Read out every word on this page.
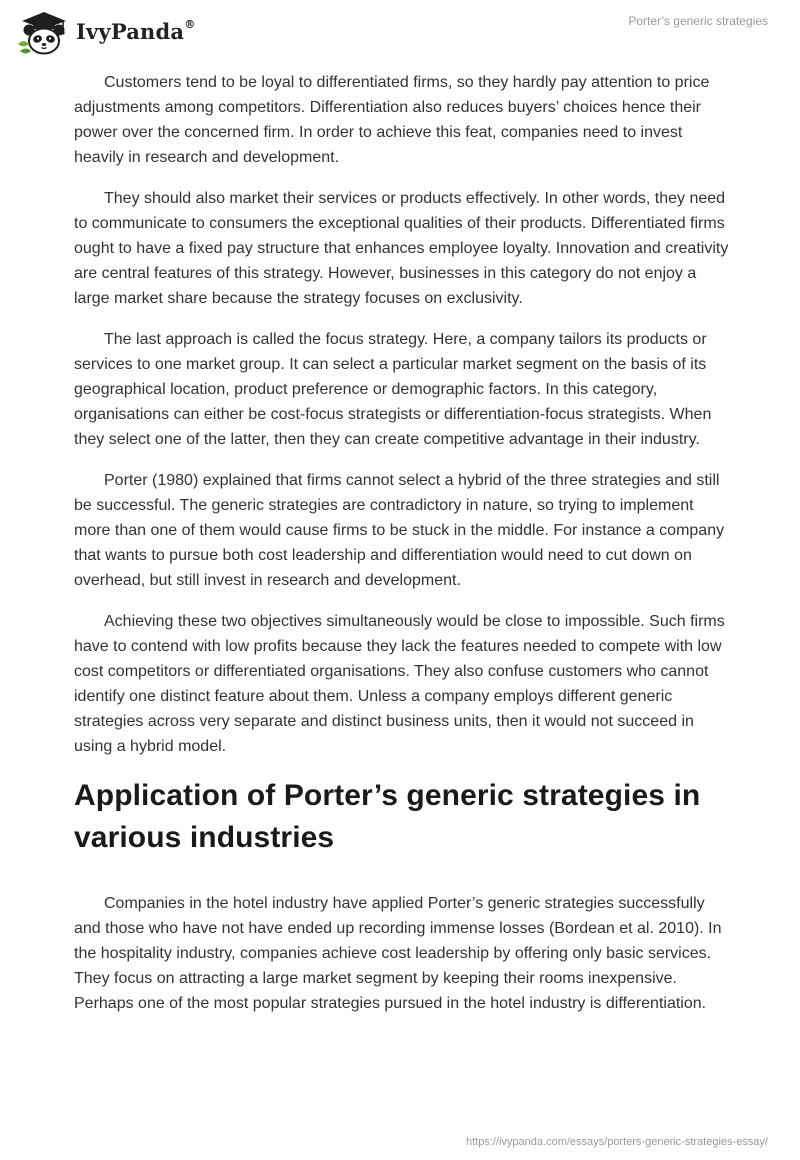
IvyPanda®	Porter’s generic strategies

Customers tend to be loyal to differentiated firms, so they hardly pay attention to price adjustments among competitors. Differentiation also reduces buyers’ choices hence their power over the concerned firm. In order to achieve this feat, companies need to invest heavily in research and development.

They should also market their services or products effectively. In other words, they need to communicate to consumers the exceptional qualities of their products. Differentiated firms ought to have a fixed pay structure that enhances employee loyalty. Innovation and creativity are central features of this strategy. However, businesses in this category do not enjoy a large market share because the strategy focuses on exclusivity.

The last approach is called the focus strategy. Here, a company tailors its products or services to one market group. It can select a particular market segment on the basis of its geographical location, product preference or demographic factors. In this category, organisations can either be cost-focus strategists or differentiation-focus strategists. When they select one of the latter, then they can create competitive advantage in their industry.

Porter (1980) explained that firms cannot select a hybrid of the three strategies and still be successful. The generic strategies are contradictory in nature, so trying to implement more than one of them would cause firms to be stuck in the middle. For instance a company that wants to pursue both cost leadership and differentiation would need to cut down on overhead, but still invest in research and development.

Achieving these two objectives simultaneously would be close to impossible. Such firms have to contend with low profits because they lack the features needed to compete with low cost competitors or differentiated organisations. They also confuse customers who cannot identify one distinct feature about them. Unless a company employs different generic strategies across very separate and distinct business units, then it would not succeed in using a hybrid model.

Application of Porter’s generic strategies in various industries

Companies in the hotel industry have applied Porter’s generic strategies successfully and those who have not have ended up recording immense losses (Bordean et al. 2010). In the hospitality industry, companies achieve cost leadership by offering only basic services. They focus on attracting a large market segment by keeping their rooms inexpensive. Perhaps one of the most popular strategies pursued in the hotel industry is differentiation.

https://ivypanda.com/essays/porters-generic-strategies-essay/
